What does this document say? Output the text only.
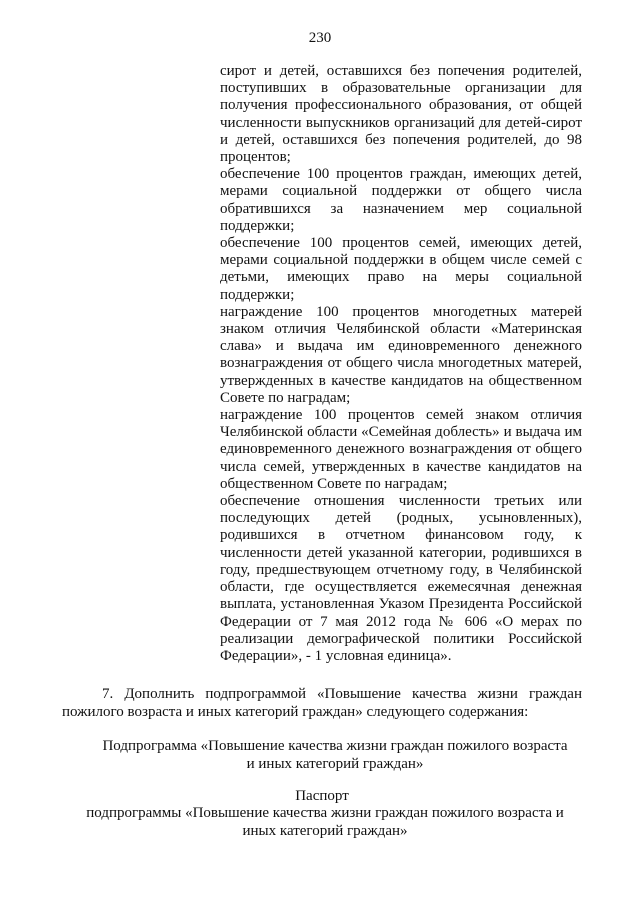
230

сирот и детей, оставшихся без попечения родителей, поступивших в образовательные организации для получения профессионального образования, от общей численности выпускников организаций для детей-сирот и детей, оставшихся без попечения родителей, до 98 процентов;

обеспечение 100 процентов граждан, имеющих детей, мерами социальной поддержки от общего числа обратившихся за назначением мер социальной поддержки;

обеспечение 100 процентов семей, имеющих детей, мерами социальной поддержки в общем числе семей с детьми, имеющих право на меры социальной поддержки;

награждение 100 процентов многодетных матерей знаком отличия Челябинской области «Материнская слава» и выдача им единовременного денежного вознаграждения от общего числа многодетных матерей, утвержденных в качестве кандидатов на общественном Совете по наградам;

награждение 100 процентов семей знаком отличия Челябинской области «Семейная доблесть» и выдача им единовременного денежного вознаграждения от общего числа семей, утвержденных в качестве кандидатов на общественном Совете по наградам;

обеспечение отношения численности третьих или последующих детей (родных, усыновленных), родившихся в отчетном финансовом году, к численности детей указанной категории, родившихся в году, предшествующем отчетному году, в Челябинской области, где осуществляется ежемесячная денежная выплата, установленная Указом Президента Российской Федерации от 7 мая 2012 года № 606 «О мерах по реализации демографической политики Российской Федерации», - 1 условная единица».

7. Дополнить подпрограммой «Повышение качества жизни граждан пожилого возраста и иных категорий граждан» следующего содержания:

Подпрограмма «Повышение качества жизни граждан пожилого возраста и иных категорий граждан»

Паспорт

подпрограммы «Повышение качества жизни граждан пожилого возраста и иных категорий граждан»
